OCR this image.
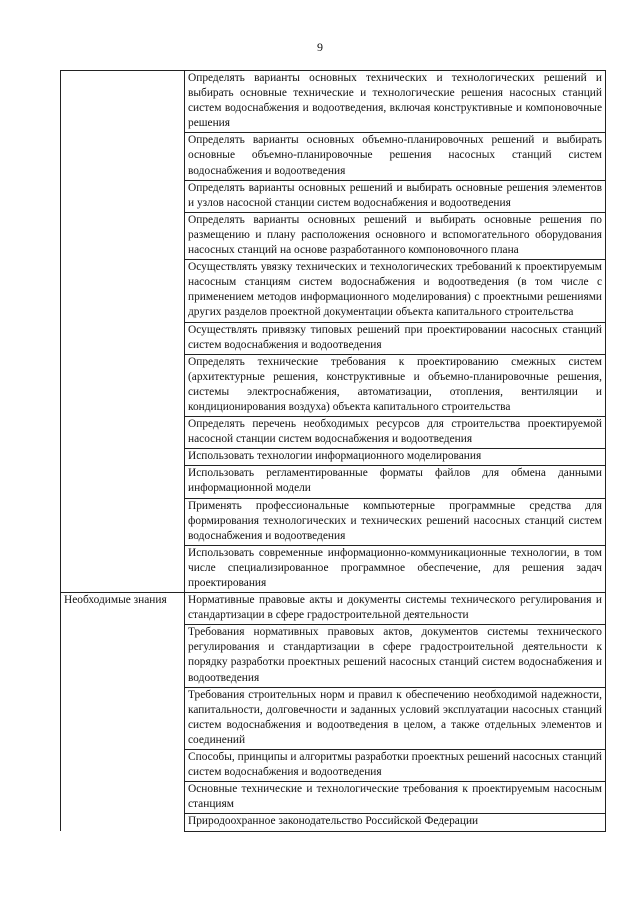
9
	Определять варианты основных технических и технологических решений и выбирать основные технические и технологические решения насосных станций систем водоснабжения и водоотведения, включая конструктивные и компоновочные решения
	Определять варианты основных объемно-планировочных решений и выбирать основные объемно-планировочные решения насосных станций систем водоснабжения и водоотведения
	Определять варианты основных решений и выбирать основные решения элементов и узлов насосной станции систем водоснабжения и водоотведения
	Определять варианты основных решений и выбирать основные решения по размещению и плану расположения основного и вспомогательного оборудования насосных станций на основе разработанного компоновочного плана
	Осуществлять увязку технических и технологических требований к проектируемым насосным станциям систем водоснабжения и водоотведения (в том числе с применением методов информационного моделирования) с проектными решениями других разделов проектной документации объекта капитального строительства
	Осуществлять привязку типовых решений при проектировании насосных станций систем водоснабжения и водоотведения
	Определять технические требования к проектированию смежных систем (архитектурные решения, конструктивные и объемно-планировочные решения, системы электроснабжения, автоматизации, отопления, вентиляции и кондиционирования воздуха) объекта капитального строительства
	Определять перечень необходимых ресурсов для строительства проектируемой насосной станции систем водоснабжения и водоотведения
	Использовать технологии информационного моделирования
	Использовать регламентированные форматы файлов для обмена данными информационной модели
	Применять профессиональные компьютерные программные средства для формирования технологических и технических решений насосных станций систем водоснабжения и водоотведения
	Использовать современные информационно-коммуникационные технологии, в том числе специализированное программное обеспечение, для решения задач проектирования
Необходимые знания	Нормативные правовые акты и документы системы технического регулирования и стандартизации в сфере градостроительной деятельности
	Требования нормативных правовых актов, документов системы технического регулирования и стандартизации в сфере градостроительной деятельности к порядку разработки проектных решений насосных станций систем водоснабжения и водоотведения
	Требования строительных норм и правил к обеспечению необходимой надежности, капитальности, долговечности и заданных условий эксплуатации насосных станций систем водоснабжения и водоотведения в целом, а также отдельных элементов и соединений
	Способы, принципы и алгоритмы разработки проектных решений насосных станций систем водоснабжения и водоотведения
	Основные технические и технологические требования к проектируемым насосным станциям
	Природоохранное законодательство Российской Федерации
